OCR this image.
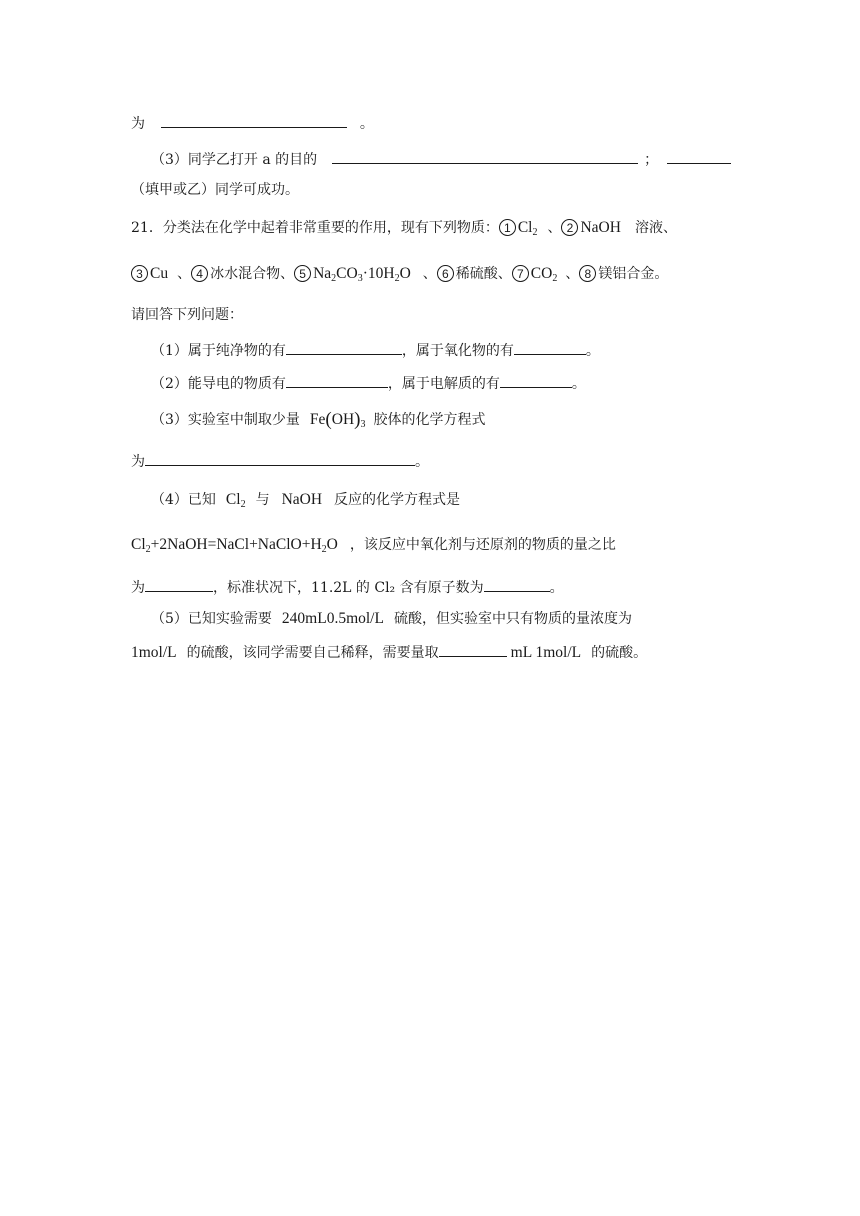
为	。
（3）同学乙打开 a 的目的	；
（填甲或乙）同学可成功。
21．分类法在化学中起着非常重要的作用，现有下列物质： 1 $Cl_2$ 、 2 NaOH 溶液、
3 Cu 、 4 冰水混合物、 5 $Na_2CO_3\cdot 10H_2O$ 、 6 稀硫酸、 7 $CO_2$ 、 8 镁铝合金。
请回答下列问题：
（1）属于纯净物的有	，属于氧化物的有	。
（2）能导电的物质有	，属于电解质的有	。
（3）实验室中制取少量 $Fe(OH)_3$ 胶体的化学方程式
为	。
（4）已知 $Cl_2$ 与 NaOH 反应的化学方程式是
$Cl_2+2NaOH=NaCl+NaClO+H_2O$ ，该反应中氧化剂与还原剂的物质的量之比
为	，标准状况下，11.2L 的 Cl₂ 含有原子数为	。
（5）已知实验需要 240mL0.5mol/L 硫酸，但实验室中只有物质的量浓度为
1mol/L 的硫酸，该同学需要自己稀释，需要量取	mL 1mol/L 的硫酸。
